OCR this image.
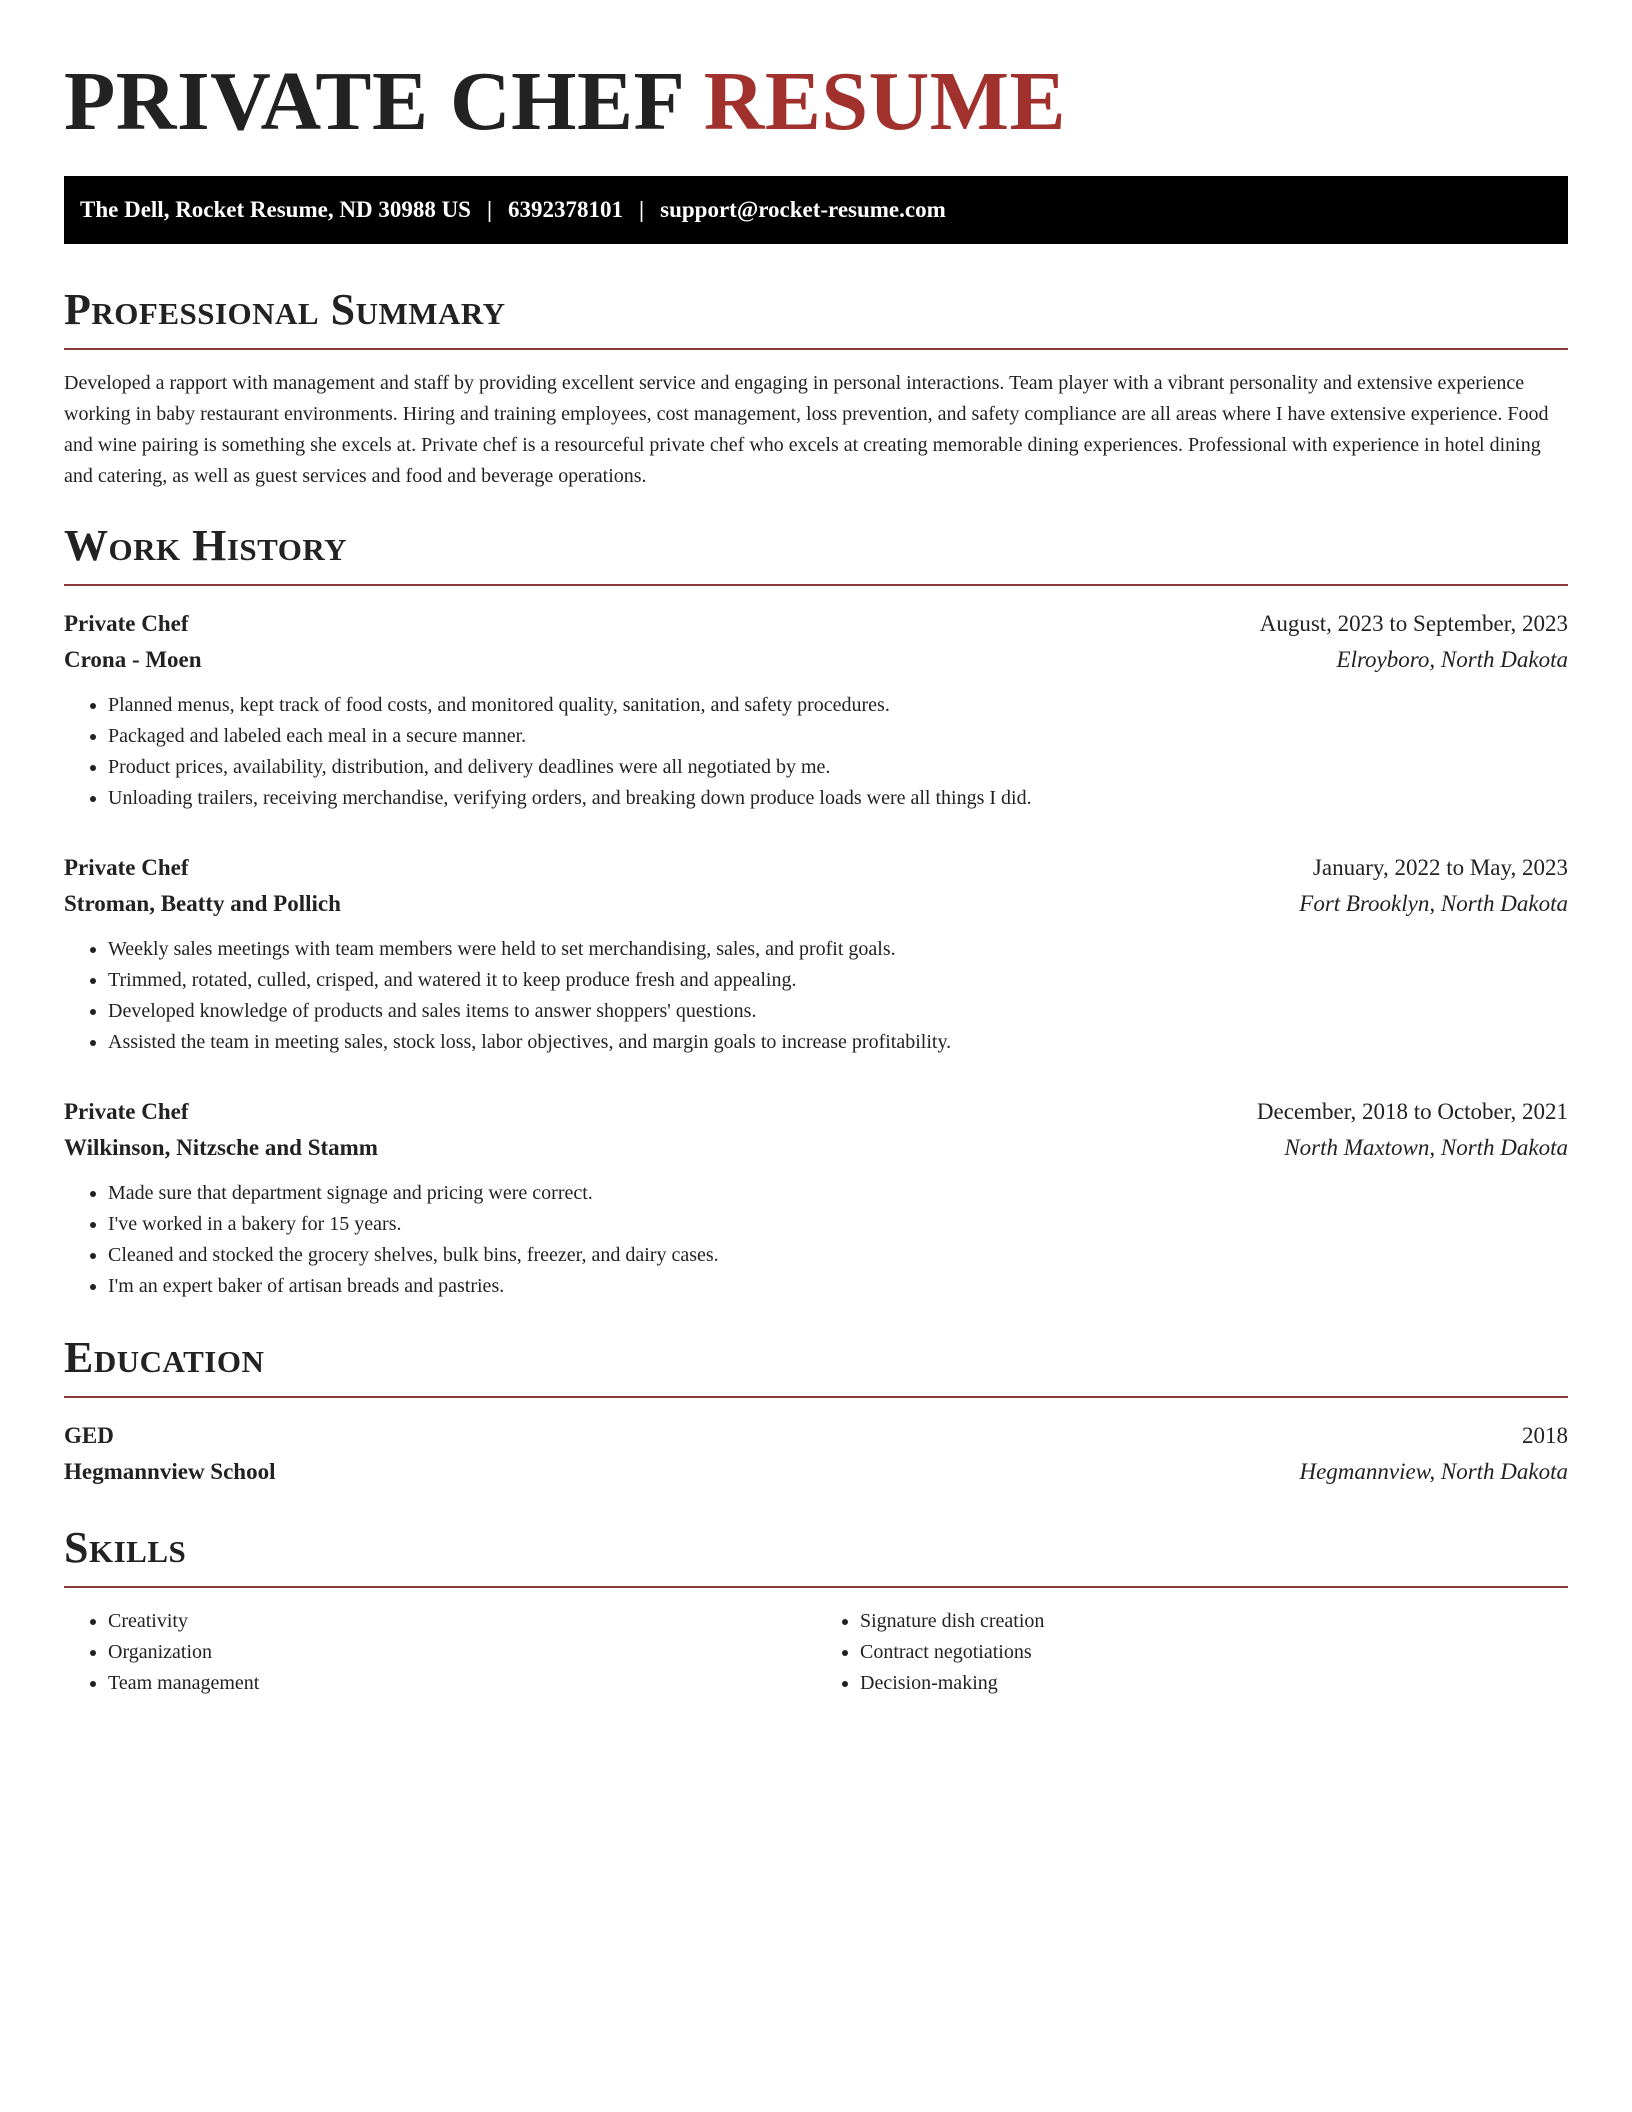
PRIVATE CHEF RESUME
The Dell, Rocket Resume, ND 30988 US | 6392378101 | support@rocket-resume.com
Professional Summary

Developed a rapport with management and staff by providing excellent service and engaging in personal interactions. Team player with a vibrant personality and extensive experience working in baby restaurant environments. Hiring and training employees, cost management, loss prevention, and safety compliance are all areas where I have extensive experience. Food and wine pairing is something she excels at. Private chef is a resourceful private chef who excels at creating memorable dining experiences. Professional with experience in hotel dining and catering, as well as guest services and food and beverage operations.

Work History
Private Chef	August, 2023 to September, 2023
Crona - Moen	Elroyboro, North Dakota
• Planned menus, kept track of food costs, and monitored quality, sanitation, and safety procedures.
• Packaged and labeled each meal in a secure manner.
• Product prices, availability, distribution, and delivery deadlines were all negotiated by me.
• Unloading trailers, receiving merchandise, verifying orders, and breaking down produce loads were all things I did.
Private Chef	January, 2022 to May, 2023
Stroman, Beatty and Pollich	Fort Brooklyn, North Dakota
• Weekly sales meetings with team members were held to set merchandising, sales, and profit goals.
• Trimmed, rotated, culled, crisped, and watered it to keep produce fresh and appealing.
• Developed knowledge of products and sales items to answer shoppers' questions.
• Assisted the team in meeting sales, stock loss, labor objectives, and margin goals to increase profitability.
Private Chef	December, 2018 to October, 2021
Wilkinson, Nitzsche and Stamm	North Maxtown, North Dakota
• Made sure that department signage and pricing were correct.
• I've worked in a bakery for 15 years.
• Cleaned and stocked the grocery shelves, bulk bins, freezer, and dairy cases.
• I'm an expert baker of artisan breads and pastries.
Education
GED	2018
Hegmannview School	Hegmannview, North Dakota
Skills
• Creativity
• Organization
• Team management
• Signature dish creation
• Contract negotiations
• Decision-making
